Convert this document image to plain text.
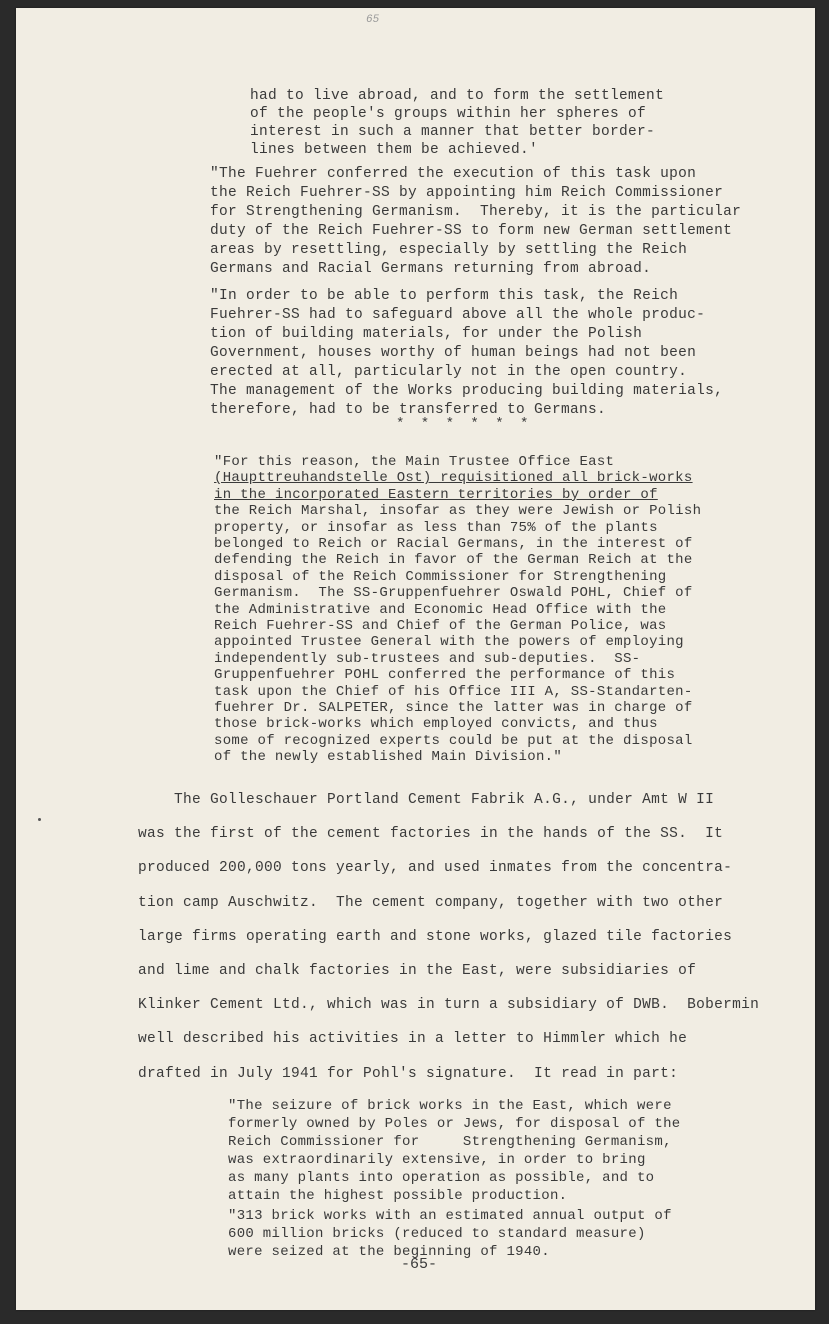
65
had to live abroad, and to form the settlement
of the people's groups within her spheres of
interest in such a manner that better border-
lines between them be achieved.'
"The Fuehrer conferred the execution of this task upon
the Reich Fuehrer-SS by appointing him Reich Commissioner
for Strengthening Germanism.  Thereby, it is the particular
duty of the Reich Fuehrer-SS to form new German settlement
areas by resettling, especially by settling the Reich
Germans and Racial Germans returning from abroad.
"In order to be able to perform this task, the Reich
Fuehrer-SS had to safeguard above all the whole produc-
tion of building materials, for under the Polish
Government, houses worthy of human beings had not been
erected at all, particularly not in the open country.
The management of the Works producing building materials,
therefore, had to be transferred to Germans.
* * * * * *
"For this reason, the Main Trustee Office East
(Haupttreuhandstelle Ost) requisitioned all brick-works
in the incorporated Eastern territories by order of
the Reich Marshal, insofar as they were Jewish or Polish
property, or insofar as less than 75% of the plants
belonged to Reich or Racial Germans, in the interest of
defending the Reich in favor of the German Reich at the
disposal of the Reich Commissioner for Strengthening
Germanism.  The SS-Gruppenfuehrer Oswald POHL, Chief of
the Administrative and Economic Head Office with the
Reich Fuehrer-SS and Chief of the German Police, was
appointed Trustee General with the powers of employing
independently sub-trustees and sub-deputies.  SS-
Gruppenfuehrer POHL conferred the performance of this
task upon the Chief of his Office III A, SS-Standarten-
fuehrer Dr. SALPETER, since the latter was in charge of
those brick-works which employed convicts, and thus
some of recognized experts could be put at the disposal
of the newly established Main Division."
The Golleschauer Portland Cement Fabrik A.G., under Amt W II
was the first of the cement factories in the hands of the SS.  It
produced 200,000 tons yearly, and used inmates from the concentra-
tion camp Auschwitz.  The cement company, together with two other
large firms operating earth and stone works, glazed tile factories
and lime and chalk factories in the East, were subsidiaries of
Klinker Cement Ltd., which was in turn a subsidiary of DWB.  Bobermin
well described his activities in a letter to Himmler which he
drafted in July 1941 for Pohl's signature.  It read in part:
"The seizure of brick works in the East, which were
formerly owned by Poles or Jews, for disposal of the
Reich Commissioner for     Strengthening Germanism,
was extraordinarily extensive, in order to bring
as many plants into operation as possible, and to
attain the highest possible production.
"313 brick works with an estimated annual output of
600 million bricks (reduced to standard measure)
were seized at the beginning of 1940.
-65-
